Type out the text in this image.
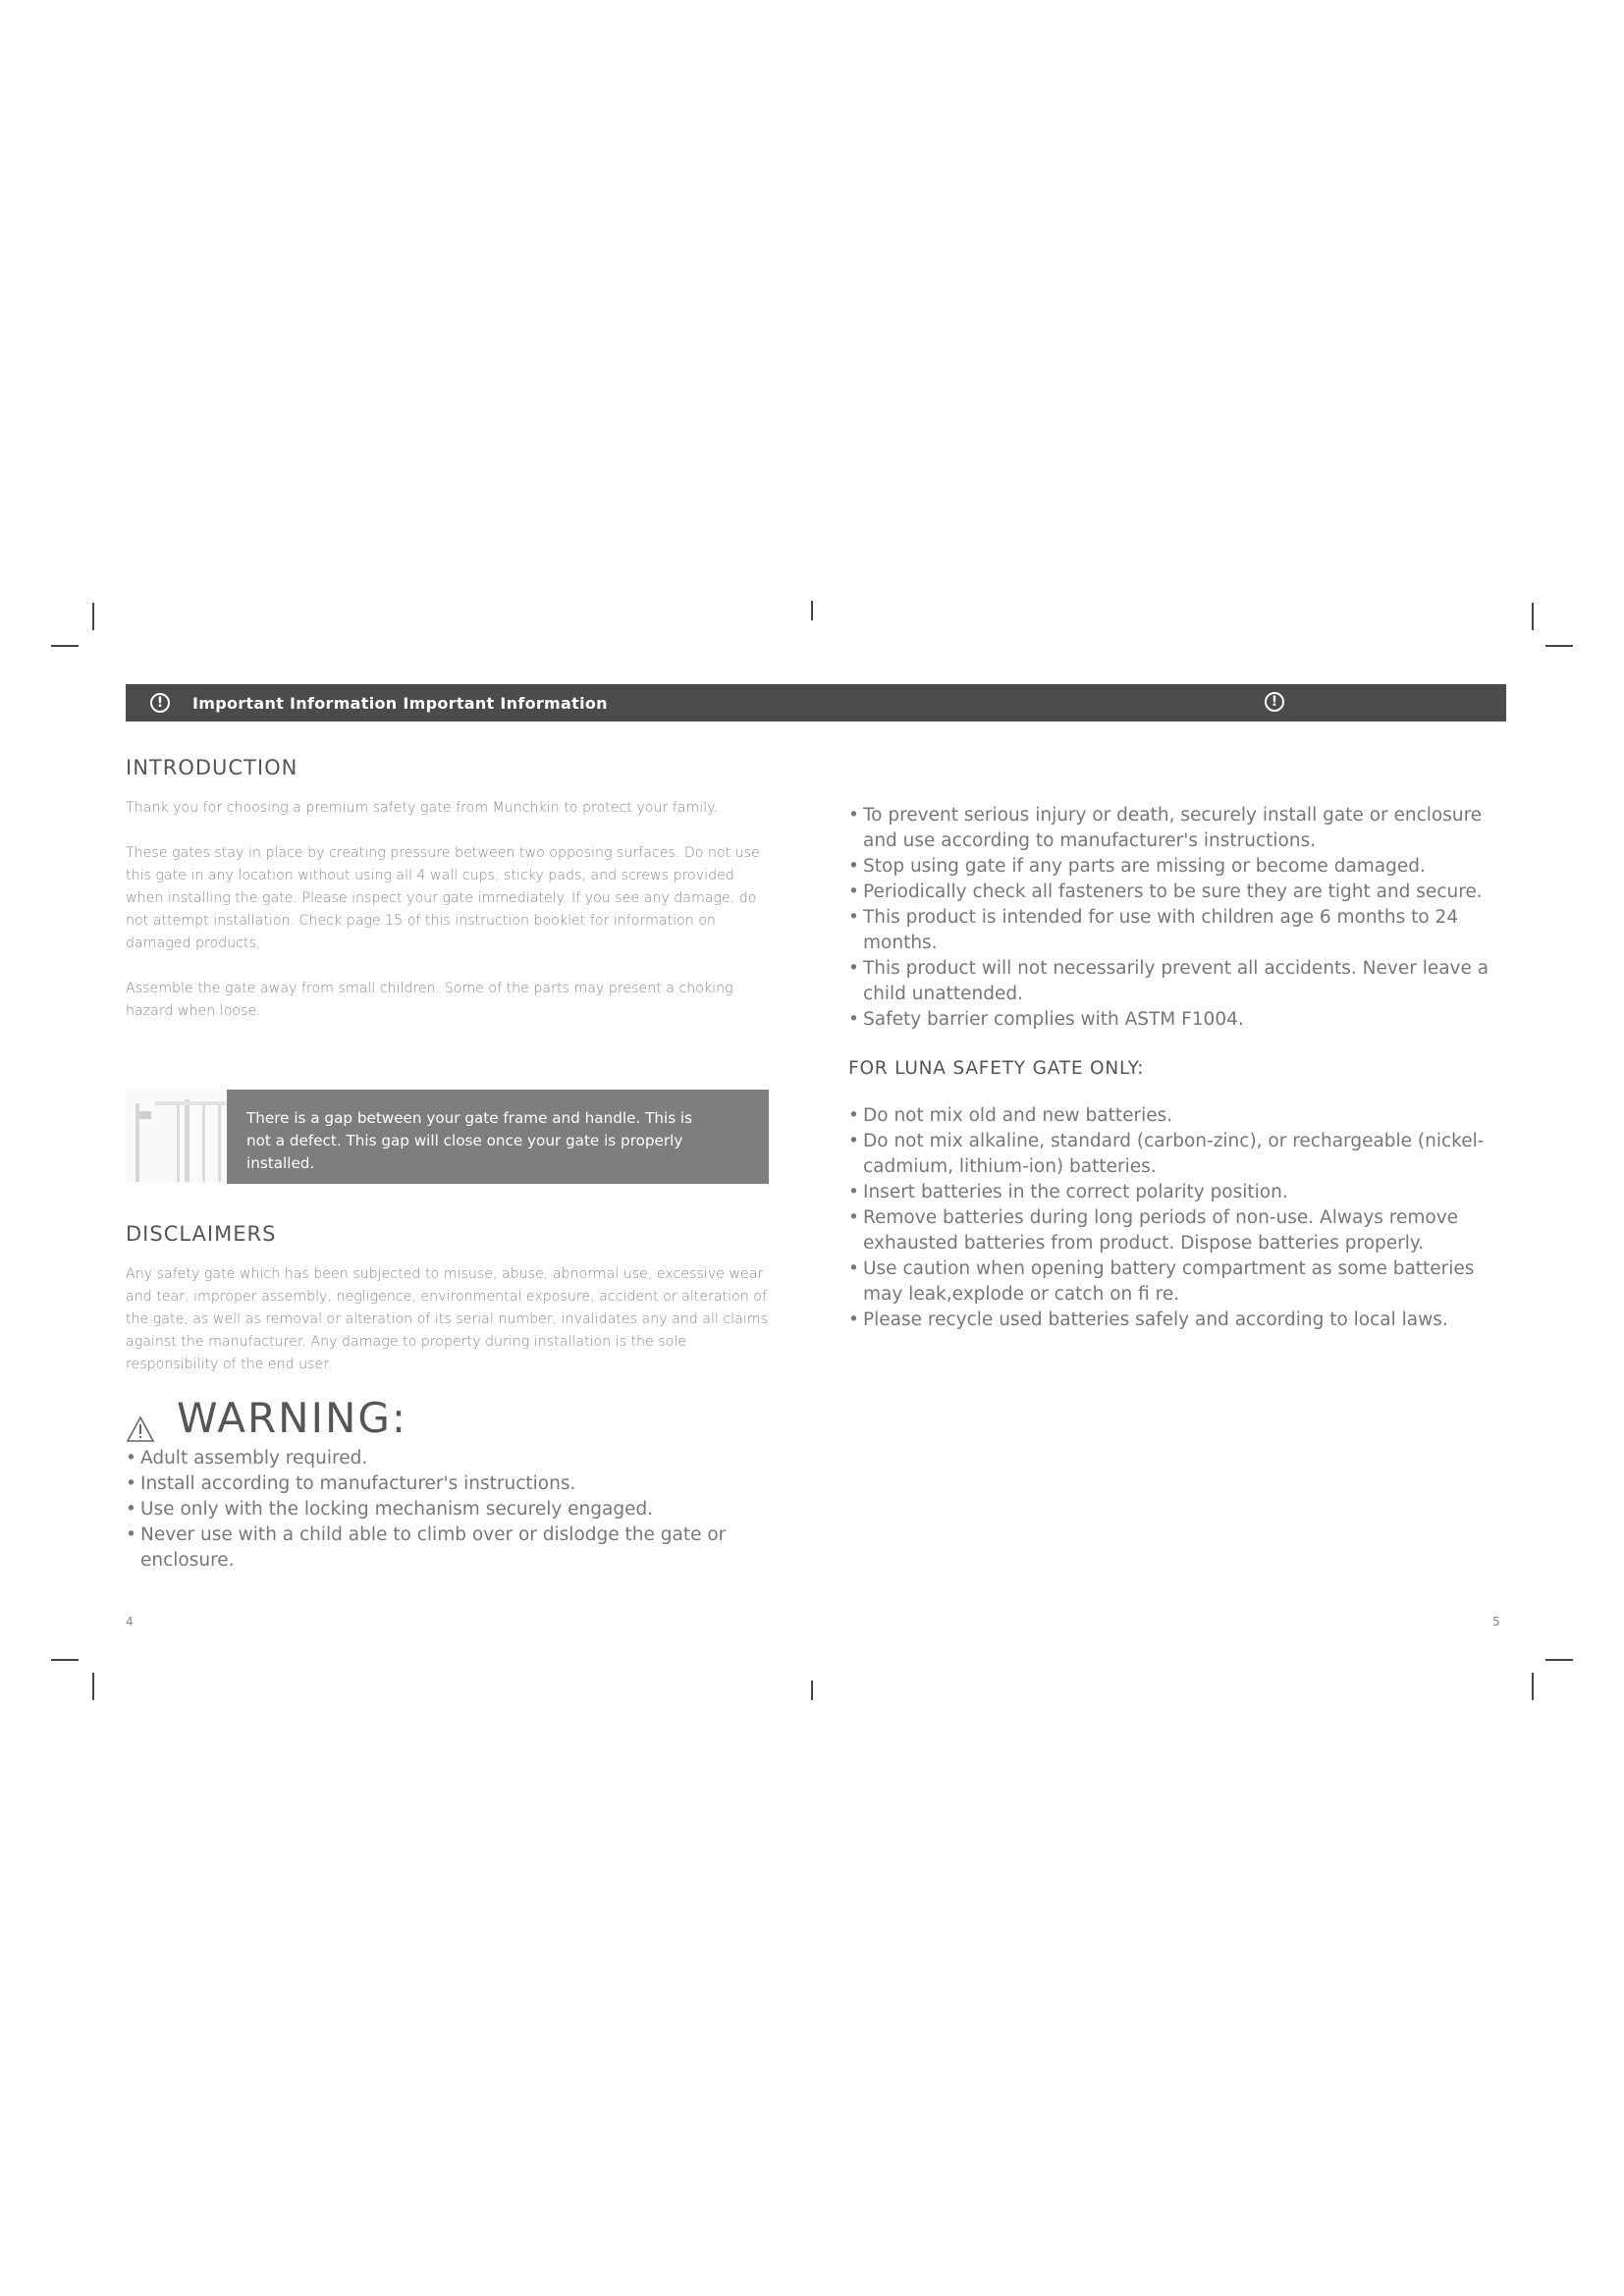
!	Important Information Important Information	!
INTRODUCTION

Thank you for choosing a premium safety gate from Munchkin to protect your family.

These gates stay in place by creating pressure between two opposing surfaces. Do not use this gate in any location without using all 4 wall cups, sticky pads, and screws provided when installing the gate. Please inspect your gate immediately. If you see any damage, do not attempt installation. Check page 15 of this instruction booklet for information on damaged products.

Assemble the gate away from small children. Some of the parts may present a choking hazard when loose.

There is a gap between your gate frame and handle. This is not a defect. This gap will close once your gate is properly installed.

DISCLAIMERS

Any safety gate which has been subjected to misuse, abuse, abnormal use, excessive wear and tear, improper assembly, negligence, environmental exposure, accident or alteration of the gate, as well as removal or alteration of its serial number, invalidates any and all claims against the manufacturer. Any damage to property during installation is the sole responsibility of the end user.

WARNING:
• Adult assembly required.
• Install according to manufacturer's instructions.
• Use only with the locking mechanism securely engaged.
• Never use with a child able to climb over or dislodge the gate or enclosure.
• To prevent serious injury or death, securely install gate or enclosure and use according to manufacturer's instructions.
• Stop using gate if any parts are missing or become damaged.
• Periodically check all fasteners to be sure they are tight and secure.
• This product is intended for use with children age 6 months to 24 months.
• This product will not necessarily prevent all accidents. Never leave a child unattended.
• Safety barrier complies with ASTM F1004.
FOR LUNA SAFETY GATE ONLY:
• Do not mix old and new batteries.
• Do not mix alkaline, standard (carbon-zinc), or rechargeable (nickel-cadmium, lithium-ion) batteries.
• Insert batteries in the correct polarity position.
• Remove batteries during long periods of non-use. Always remove exhausted batteries from product. Dispose batteries properly.
• Use caution when opening battery compartment as some batteries may leak,explode or catch on fi re.
• Please recycle used batteries safely and according to local laws.
4	5
